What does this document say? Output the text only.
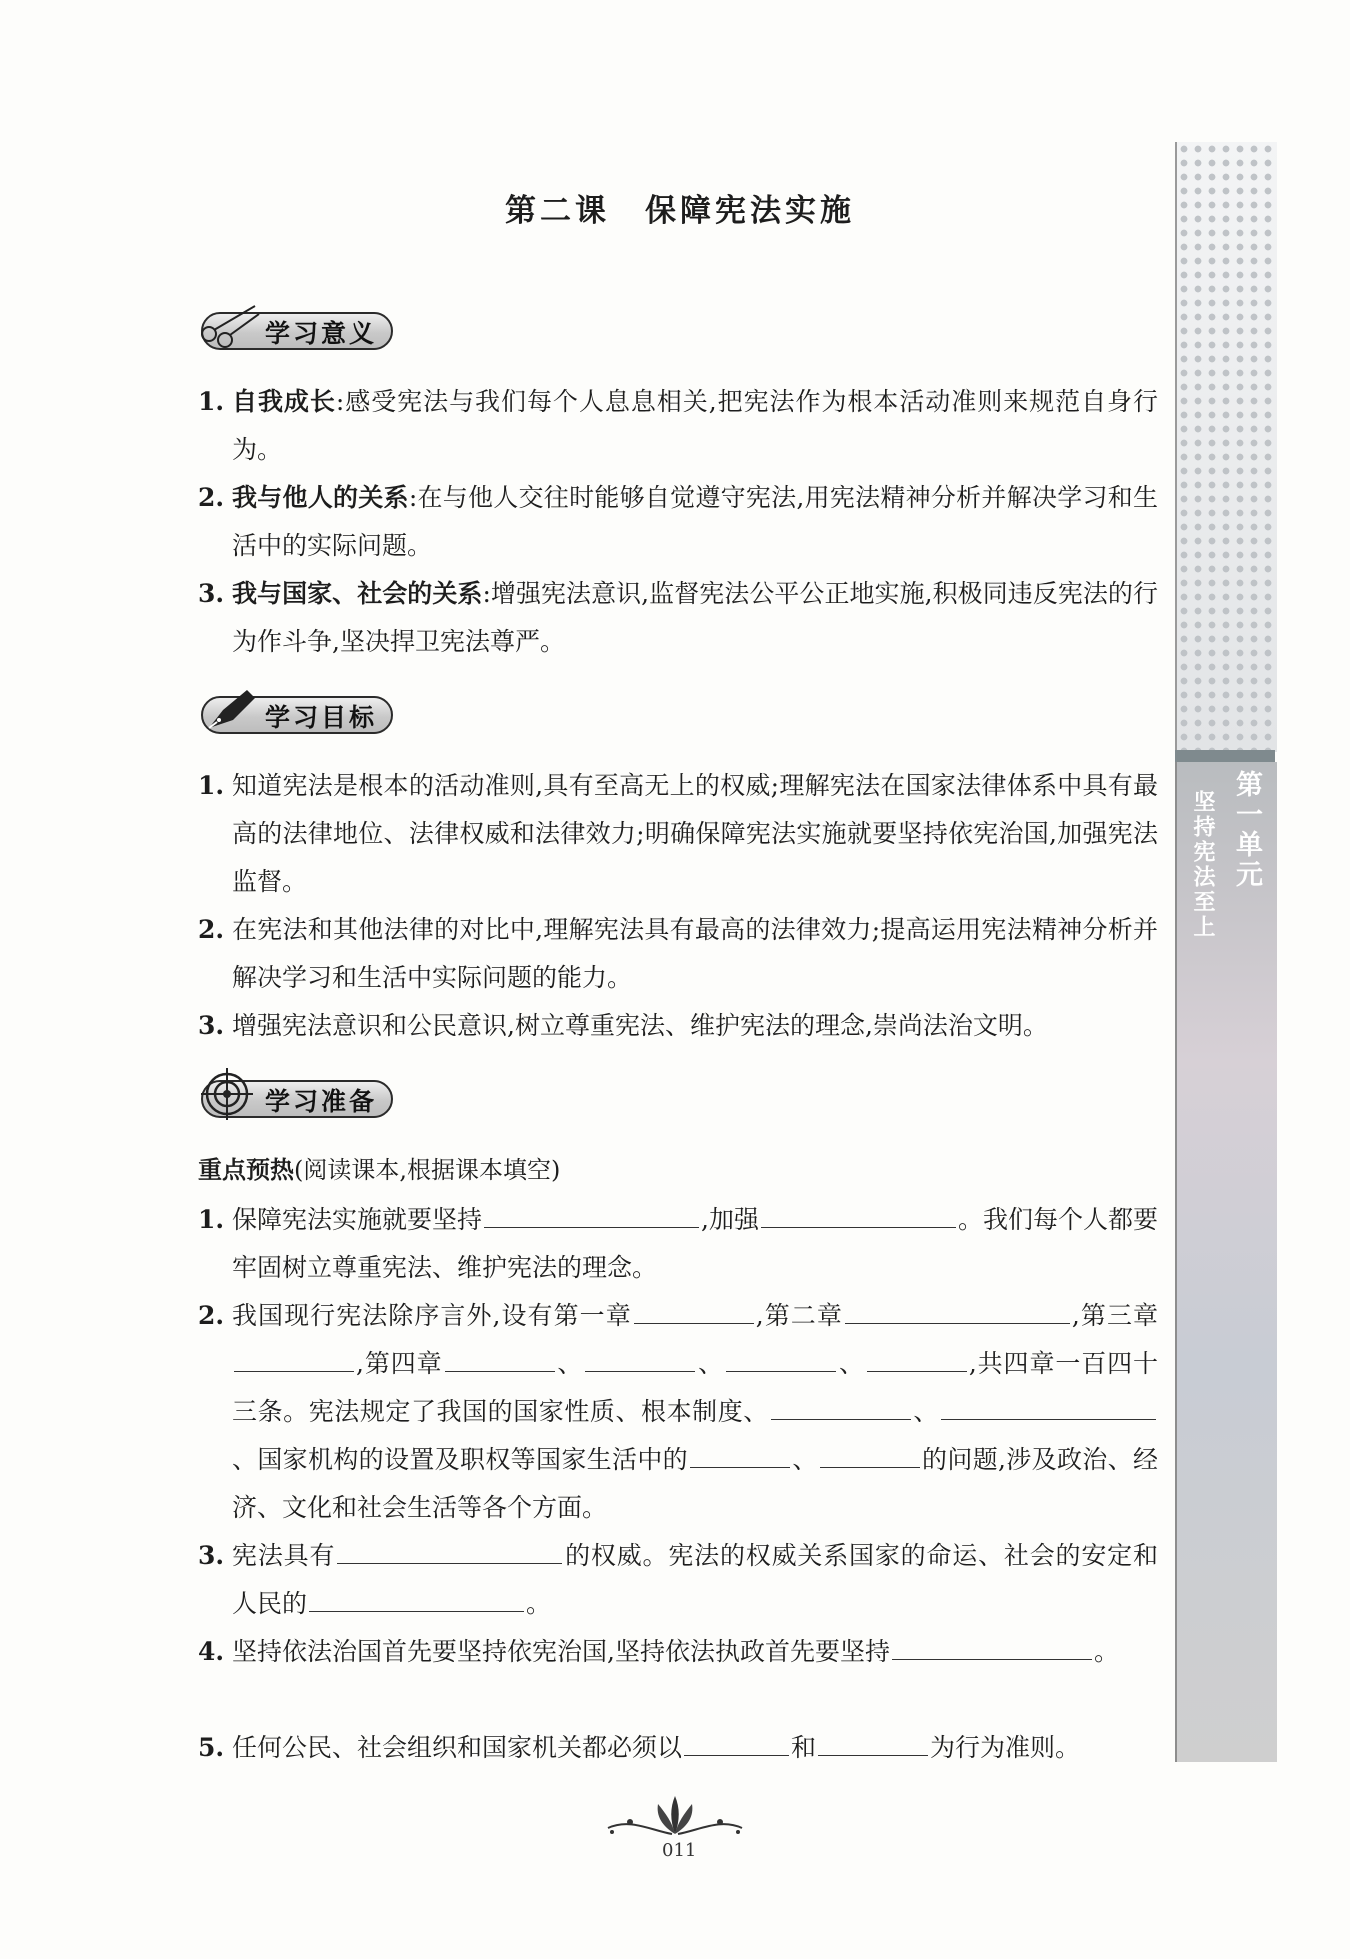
第二课　保障宪法实施
学习意义
1. 自我成长:感受宪法与我们每个人息息相关,把宪法作为根本活动准则来规范自身行为。
2. 我与他人的关系:在与他人交往时能够自觉遵守宪法,用宪法精神分析并解决学习和生活中的实际问题。
3. 我与国家、社会的关系:增强宪法意识,监督宪法公平公正地实施,积极同违反宪法的行为作斗争,坚决捍卫宪法尊严。
学习目标
1. 知道宪法是根本的活动准则,具有至高无上的权威;理解宪法在国家法律体系中具有最高的法律地位、法律权威和法律效力;明确保障宪法实施就要坚持依宪治国,加强宪法监督。
2. 在宪法和其他法律的对比中,理解宪法具有最高的法律效力;提高运用宪法精神分析并解决学习和生活中实际问题的能力。
3. 增强宪法意识和公民意识,树立尊重宪法、维护宪法的理念,崇尚法治文明。
学习准备
重点预热(阅读课本,根据课本填空)
1. 保障宪法实施就要坚持	,加强	。我们每个人都要牢固树立尊重宪法、维护宪法的理念。
2. 我国现行宪法除序言外,设有第一章	,第二章	,第三章,第四章	、	、	、	,共四章一百四十三条。宪法规定了我国的国家性质、根本制度、	、、国家机构的设置及职权等国家生活中的	、	的问题,涉及政治、经济、文化和社会生活等各个方面。
3. 宪法具有	的权威。宪法的权威关系国家的命运、社会的安定和人民的	。
4. 坚持依法治国首先要坚持依宪治国,坚持依法执政首先要坚持	。
5. 任何公民、社会组织和国家机关都必须以	和	为行为准则。
第一单元
坚持宪法至上
011
